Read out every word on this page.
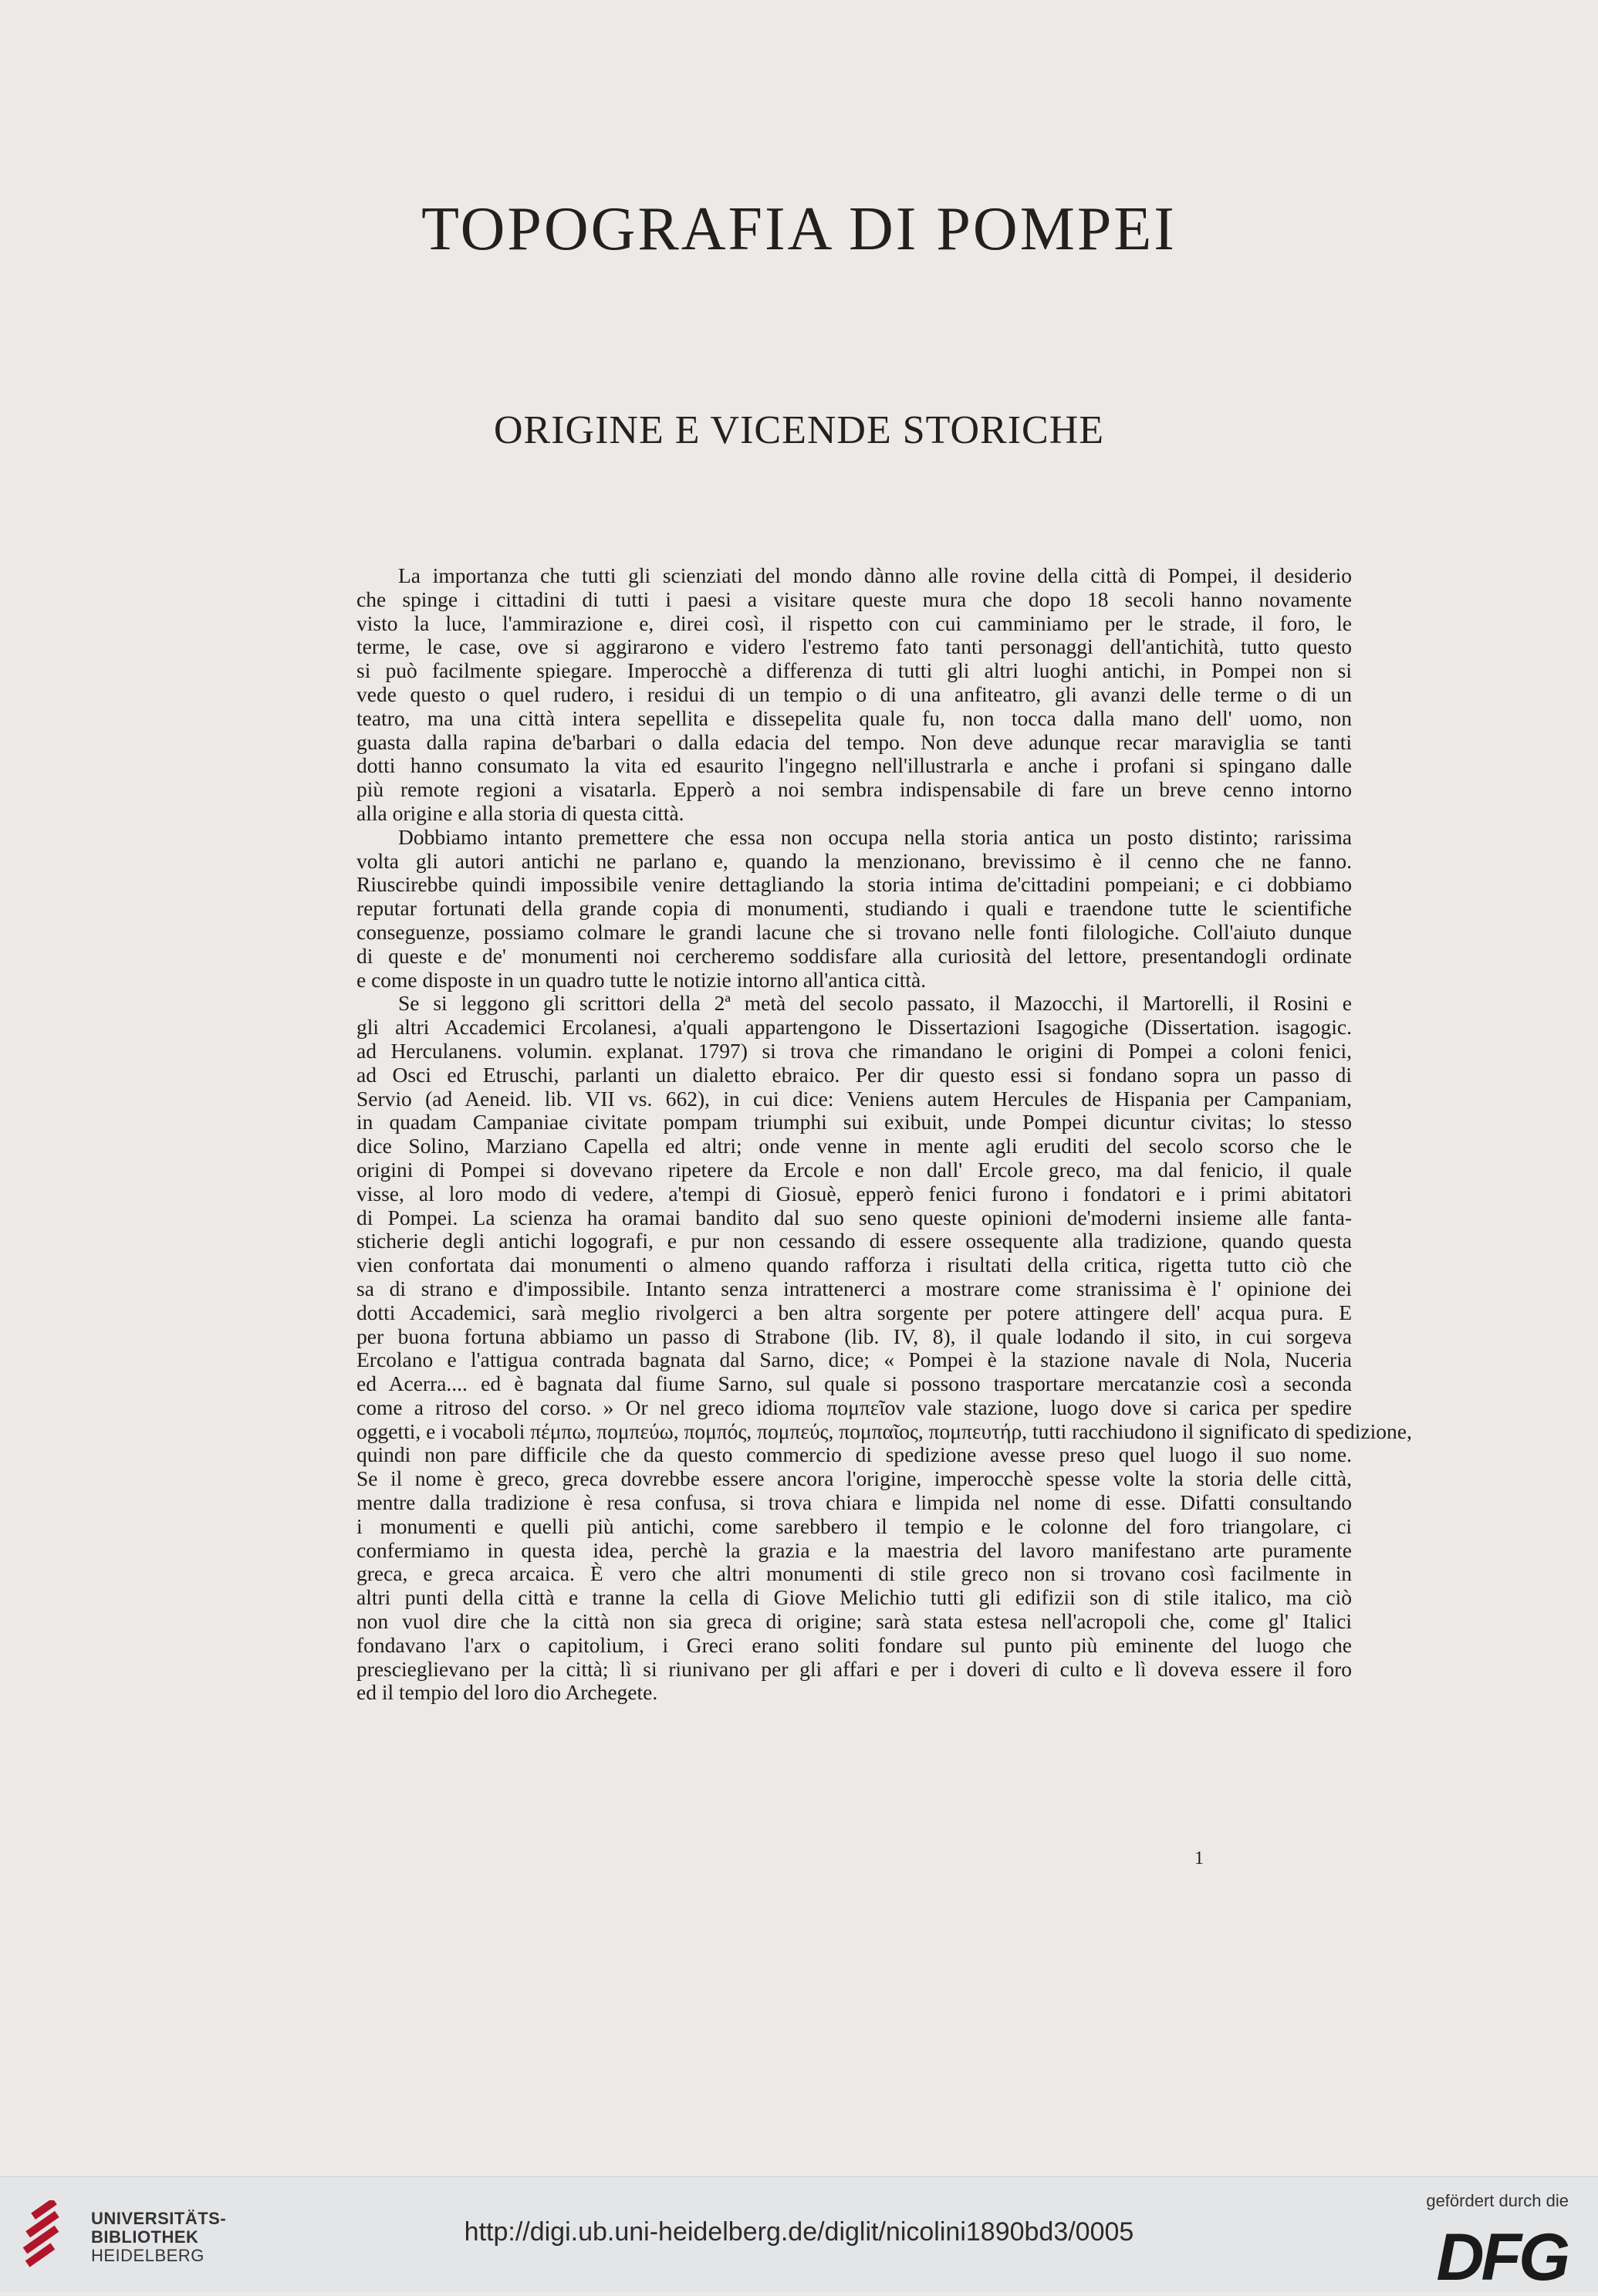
TOPOGRAFIA DI POMPEI
ORIGINE E VICENDE STORICHE

La importanza che tutti gli scienziati del mondo dànno alle rovine della città di Pompei, il desiderio
che spinge i cittadini di tutti i paesi a visitare queste mura che dopo 18 secoli hanno novamente
visto la luce, l'ammirazione e, direi così, il rispetto con cui camminiamo per le strade, il foro, le
terme, le case, ove si aggirarono e videro l'estremo fato tanti personaggi dell'antichità, tutto questo
si può facilmente spiegare. Imperocchè a differenza di tutti gli altri luoghi antichi, in Pompei non si
vede questo o quel rudero, i residui di un tempio o di una anfiteatro, gli avanzi delle terme o di un
teatro, ma una città intera sepellita e dissepelita quale fu, non tocca dalla mano dell' uomo, non
guasta dalla rapina de'barbari o dalla edacia del tempo. Non deve adunque recar maraviglia se tanti
dotti hanno consumato la vita ed esaurito l'ingegno nell'illustrarla e anche i profani si spingano dalle
più remote regioni a visatarla. Epperò a noi sembra indispensabile di fare un breve cenno intorno
alla origine e alla storia di questa città.

Dobbiamo intanto premettere che essa non occupa nella storia antica un posto distinto; rarissima
volta gli autori antichi ne parlano e, quando la menzionano, brevissimo è il cenno che ne fanno.
Riuscirebbe quindi impossibile venire dettagliando la storia intima de'cittadini pompeiani; e ci dobbiamo
reputar fortunati della grande copia di monumenti, studiando i quali e traendone tutte le scientifiche
conseguenze, possiamo colmare le grandi lacune che si trovano nelle fonti filologiche. Coll'aiuto dunque
di queste e de' monumenti noi cercheremo soddisfare alla curiosità del lettore, presentandogli ordinate
e come disposte in un quadro tutte le notizie intorno all'antica città.

Se si leggono gli scrittori della 2ª metà del secolo passato, il Mazocchi, il Martorelli, il Rosini e
gli altri Accademici Ercolanesi, a'quali appartengono le Dissertazioni Isagogiche (Dissertation. isagogic.
ad Herculanens. volumin. explanat. 1797) si trova che rimandano le origini di Pompei a coloni fenici,
ad Osci ed Etruschi, parlanti un dialetto ebraico. Per dir questo essi si fondano sopra un passo di
Servio (ad Aeneid. lib. VII vs. 662), in cui dice: Veniens autem Hercules de Hispania per Campaniam,
in quadam Campaniae civitate pompam triumphi sui exibuit, unde Pompei dicuntur civitas; lo stesso
dice Solino, Marziano Capella ed altri; onde venne in mente agli eruditi del secolo scorso che le
origini di Pompei si dovevano ripetere da Ercole e non dall' Ercole greco, ma dal fenicio, il quale
visse, al loro modo di vedere, a'tempi di Giosuè, epperò fenici furono i fondatori e i primi abitatori
di Pompei. La scienza ha oramai bandito dal suo seno queste opinioni de'moderni insieme alle fanta-
sticherie degli antichi logografi, e pur non cessando di essere ossequente alla tradizione, quando questa
vien confortata dai monumenti o almeno quando rafforza i risultati della critica, rigetta tutto ciò che
sa di strano e d'impossibile. Intanto senza intrattenerci a mostrare come stranissima è l' opinione dei
dotti Accademici, sarà meglio rivolgerci a ben altra sorgente per potere attingere dell' acqua pura. E
per buona fortuna abbiamo un passo di Strabone (lib. IV, 8), il quale lodando il sito, in cui sorgeva
Ercolano e l'attigua contrada bagnata dal Sarno, dice; « Pompei è la stazione navale di Nola, Nuceria
ed Acerra.... ed è bagnata dal fiume Sarno, sul quale si possono trasportare mercatanzie così a seconda
come a ritroso del corso. » Or nel greco idioma πομπεῖον vale stazione, luogo dove si carica per spedire
oggetti, e i vocaboli πέμπω, πομπεύω, πομπός, πομπεύς, πομπαῖος, πομπευτήρ, tutti racchiudono il significato di spedizione,
quindi non pare difficile che da questo commercio di spedizione avesse preso quel luogo il suo nome.
Se il nome è greco, greca dovrebbe essere ancora l'origine, imperocchè spesse volte la storia delle città,
mentre dalla tradizione è resa confusa, si trova chiara e limpida nel nome di esse. Difatti consultando
i monumenti e quelli più antichi, come sarebbero il tempio e le colonne del foro triangolare, ci
confermiamo in questa idea, perchè la grazia e la maestria del lavoro manifestano arte puramente
greca, e greca arcaica. È vero che altri monumenti di stile greco non si trovano così facilmente in
altri punti della città e tranne la cella di Giove Melichio tutti gli edifizii son di stile italico, ma ciò
non vuol dire che la città non sia greca di origine; sarà stata estesa nell'acropoli che, come gl' Italici
fondavano l'arx o capitolium, i Greci erano soliti fondare sul punto più eminente del luogo che
prescieglievano per la città; lì si riunivano per gli affari e per i doveri di culto e lì doveva essere il foro
ed il tempio del loro dio Archegete.

1
UNIVERSITÄTS-
BIBLIOTHEK
HEIDELBERG
http://digi.ub.uni-heidelberg.de/diglit/nicolini1890bd3/0005
gefördert durch die
DFG
